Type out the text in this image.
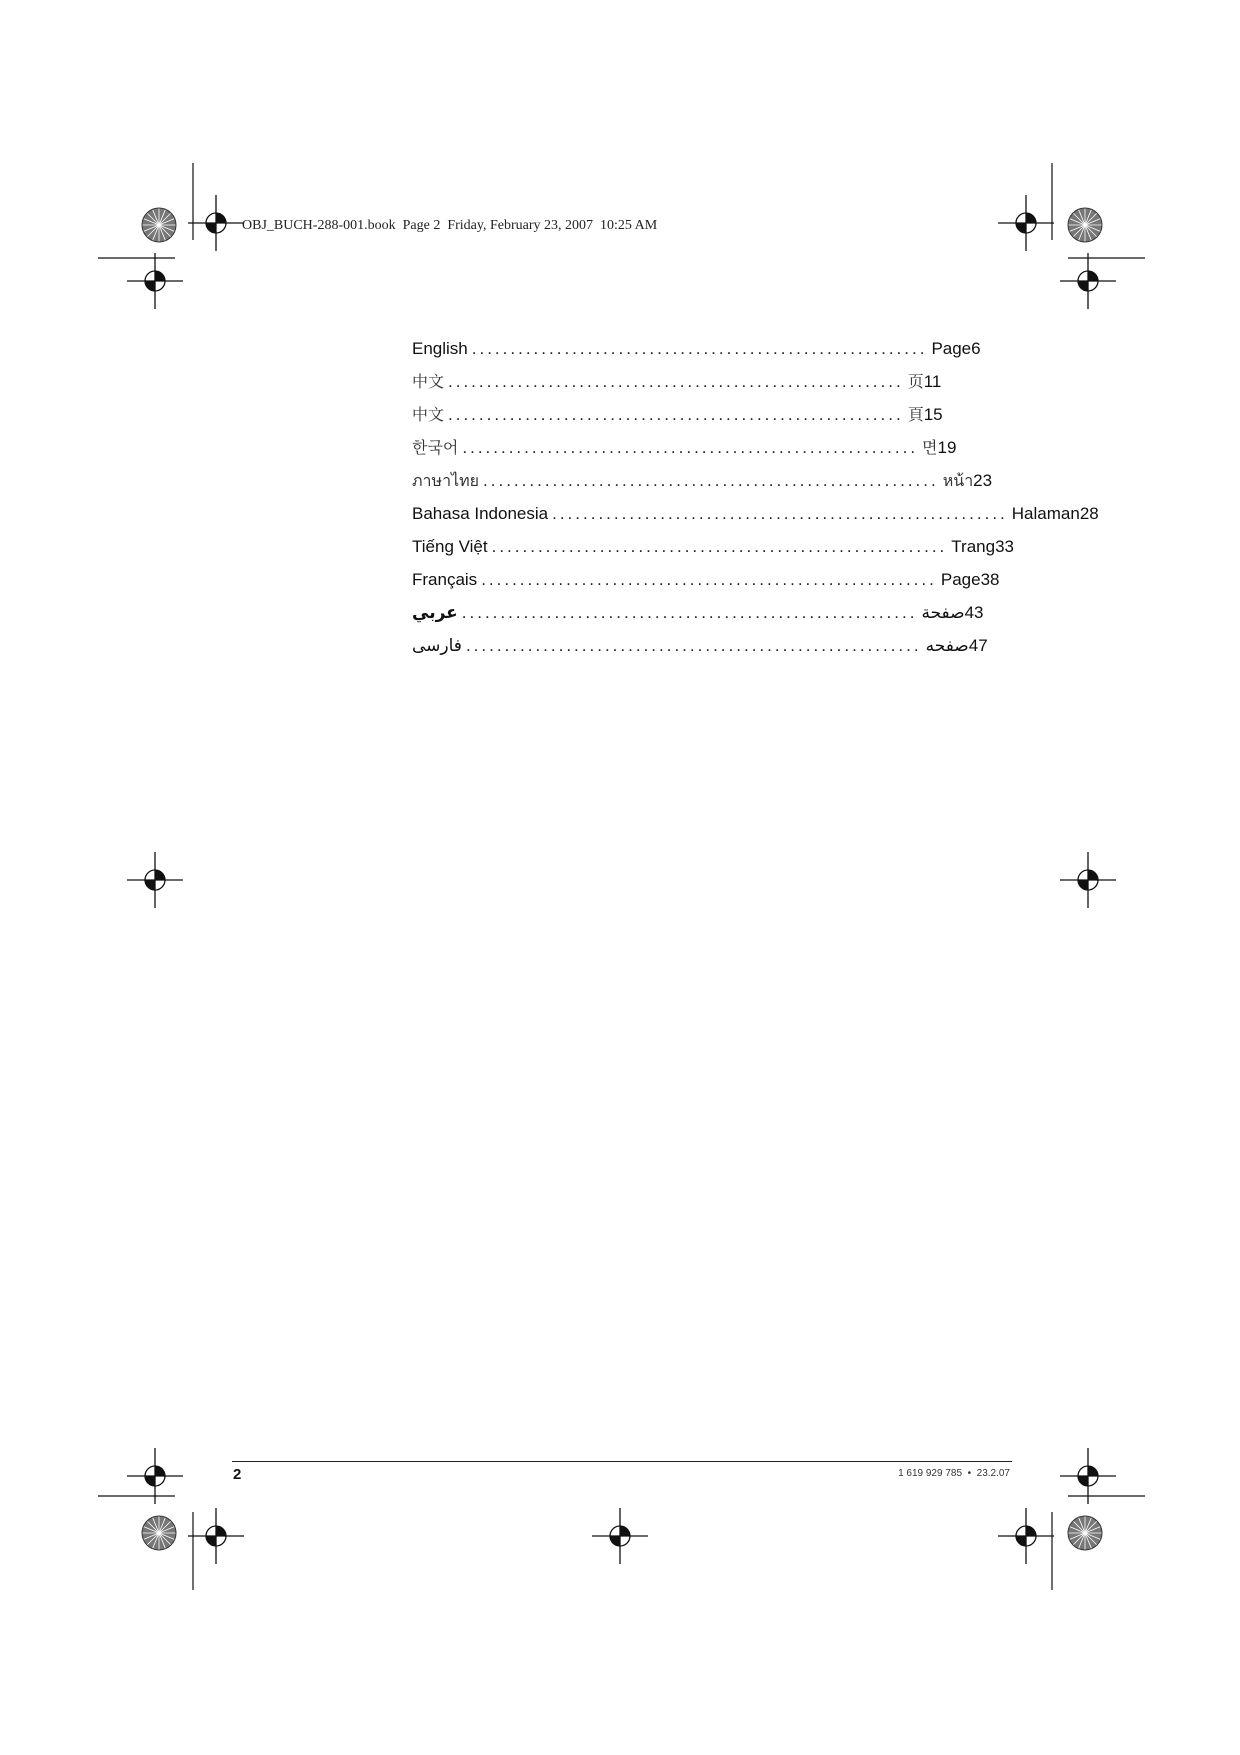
OBJ_BUCH-288-001.book  Page 2  Friday, February 23, 2007  10:25 AM
English ........................................................... Page 6
中文 ........................................................... 页 11
中文 ........................................................... 頁 15
한국어 ........................................................... 면 19
ภาษาไทย ........................................................... หน้า 23
Bahasa Indonesia ........................................................... Halaman 28
Tiếng Việt ........................................................... Trang 33
Français ........................................................... Page 38
عربي ........................................................... صفحة 43
فارسی ........................................................... صفحه 47
2	1 619 929 785  •  23.2.07
